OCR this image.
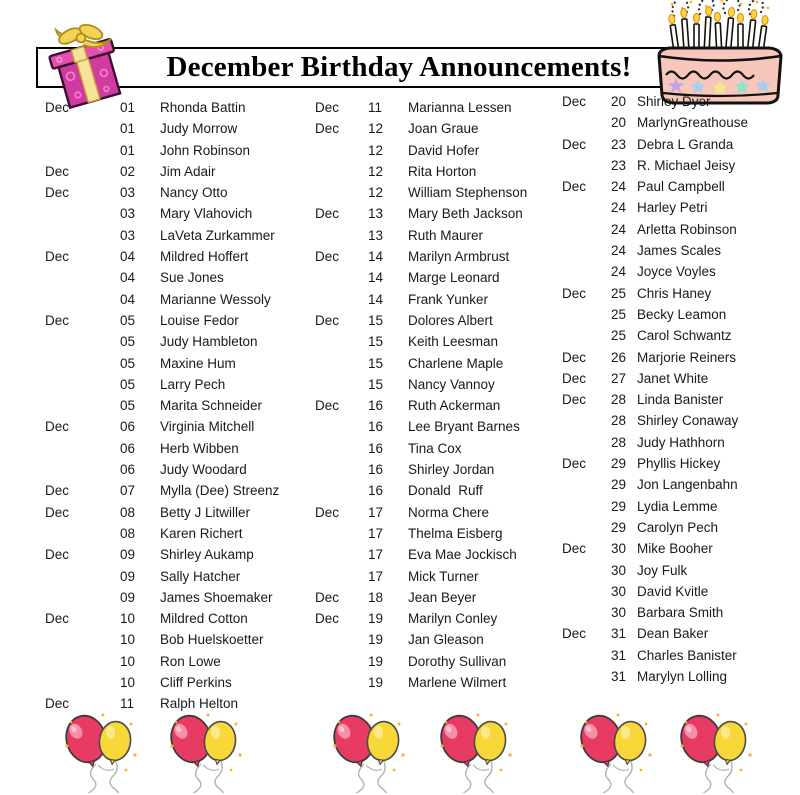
December Birthday Announcements!
Dec	01	Rhonda Battin
01	Judy Morrow
01	John Robinson
Dec	02	Jim Adair
Dec	03	Nancy Otto
03	Mary Vlahovich
03	LaVeta Zurkammer
Dec	04	Mildred Hoffert
04	Sue Jones
04	Marianne Wessoly
Dec	05	Louise Fedor
05	Judy Hambleton
05	Maxine Hum
05	Larry Pech
05	Marita Schneider
Dec	06	Virginia Mitchell
06	Herb Wibben
06	Judy Woodard
Dec	07	Mylla (Dee) Streenz
Dec	08	Betty J Litwiller
08	Karen Richert
Dec	09	Shirley Aukamp
09	Sally Hatcher
09	James Shoemaker
Dec	10	Mildred Cotton
10	Bob Huelskoetter
10	Ron Lowe
10	Cliff Perkins
Dec	11	Ralph Helton
Dec	11	Marianna Lessen
Dec	12	Joan Graue
12	David Hofer
12	Rita Horton
12	William Stephenson
Dec	13	Mary Beth Jackson
13	Ruth Maurer
Dec	14	Marilyn Armbrust
14	Marge Leonard
14	Frank Yunker
Dec	15	Dolores Albert
15	Keith Leesman
15	Charlene Maple
15	Nancy Vannoy
Dec	16	Ruth Ackerman
16	Lee Bryant Barnes
16	Tina Cox
16	Shirley Jordan
16	Donald  Ruff
Dec	17	Norma Chere
17	Thelma Eisberg
17	Eva Mae Jockisch
17	Mick Turner
Dec	18	Jean Beyer
Dec	19	Marilyn Conley
19	Jan Gleason
19	Dorothy Sullivan
19	Marlene Wilmert
Dec	20 Shirley Dyer
20 MarlynGreathouse
Dec	23 Debra L Granda
23 R. Michael Jeisy
Dec	24 Paul Campbell
24 Harley Petri
24 Arletta Robinson
24 James Scales
24 Joyce Voyles
Dec	25 Chris Haney
25 Becky Leamon
25 Carol Schwantz
Dec	26 Marjorie Reiners
Dec	27 Janet White
Dec	28 Linda Banister
28 Shirley Conaway
28 Judy Hathhorn
Dec	29 Phyllis Hickey
29 Jon Langenbahn
29 Lydia Lemme
29 Carolyn Pech
Dec	30 Mike Booher
30 Joy Fulk
30 David Kvitle
30 Barbara Smith
Dec	31 Dean Baker
31 Charles Banister
31 Marylyn Lolling
